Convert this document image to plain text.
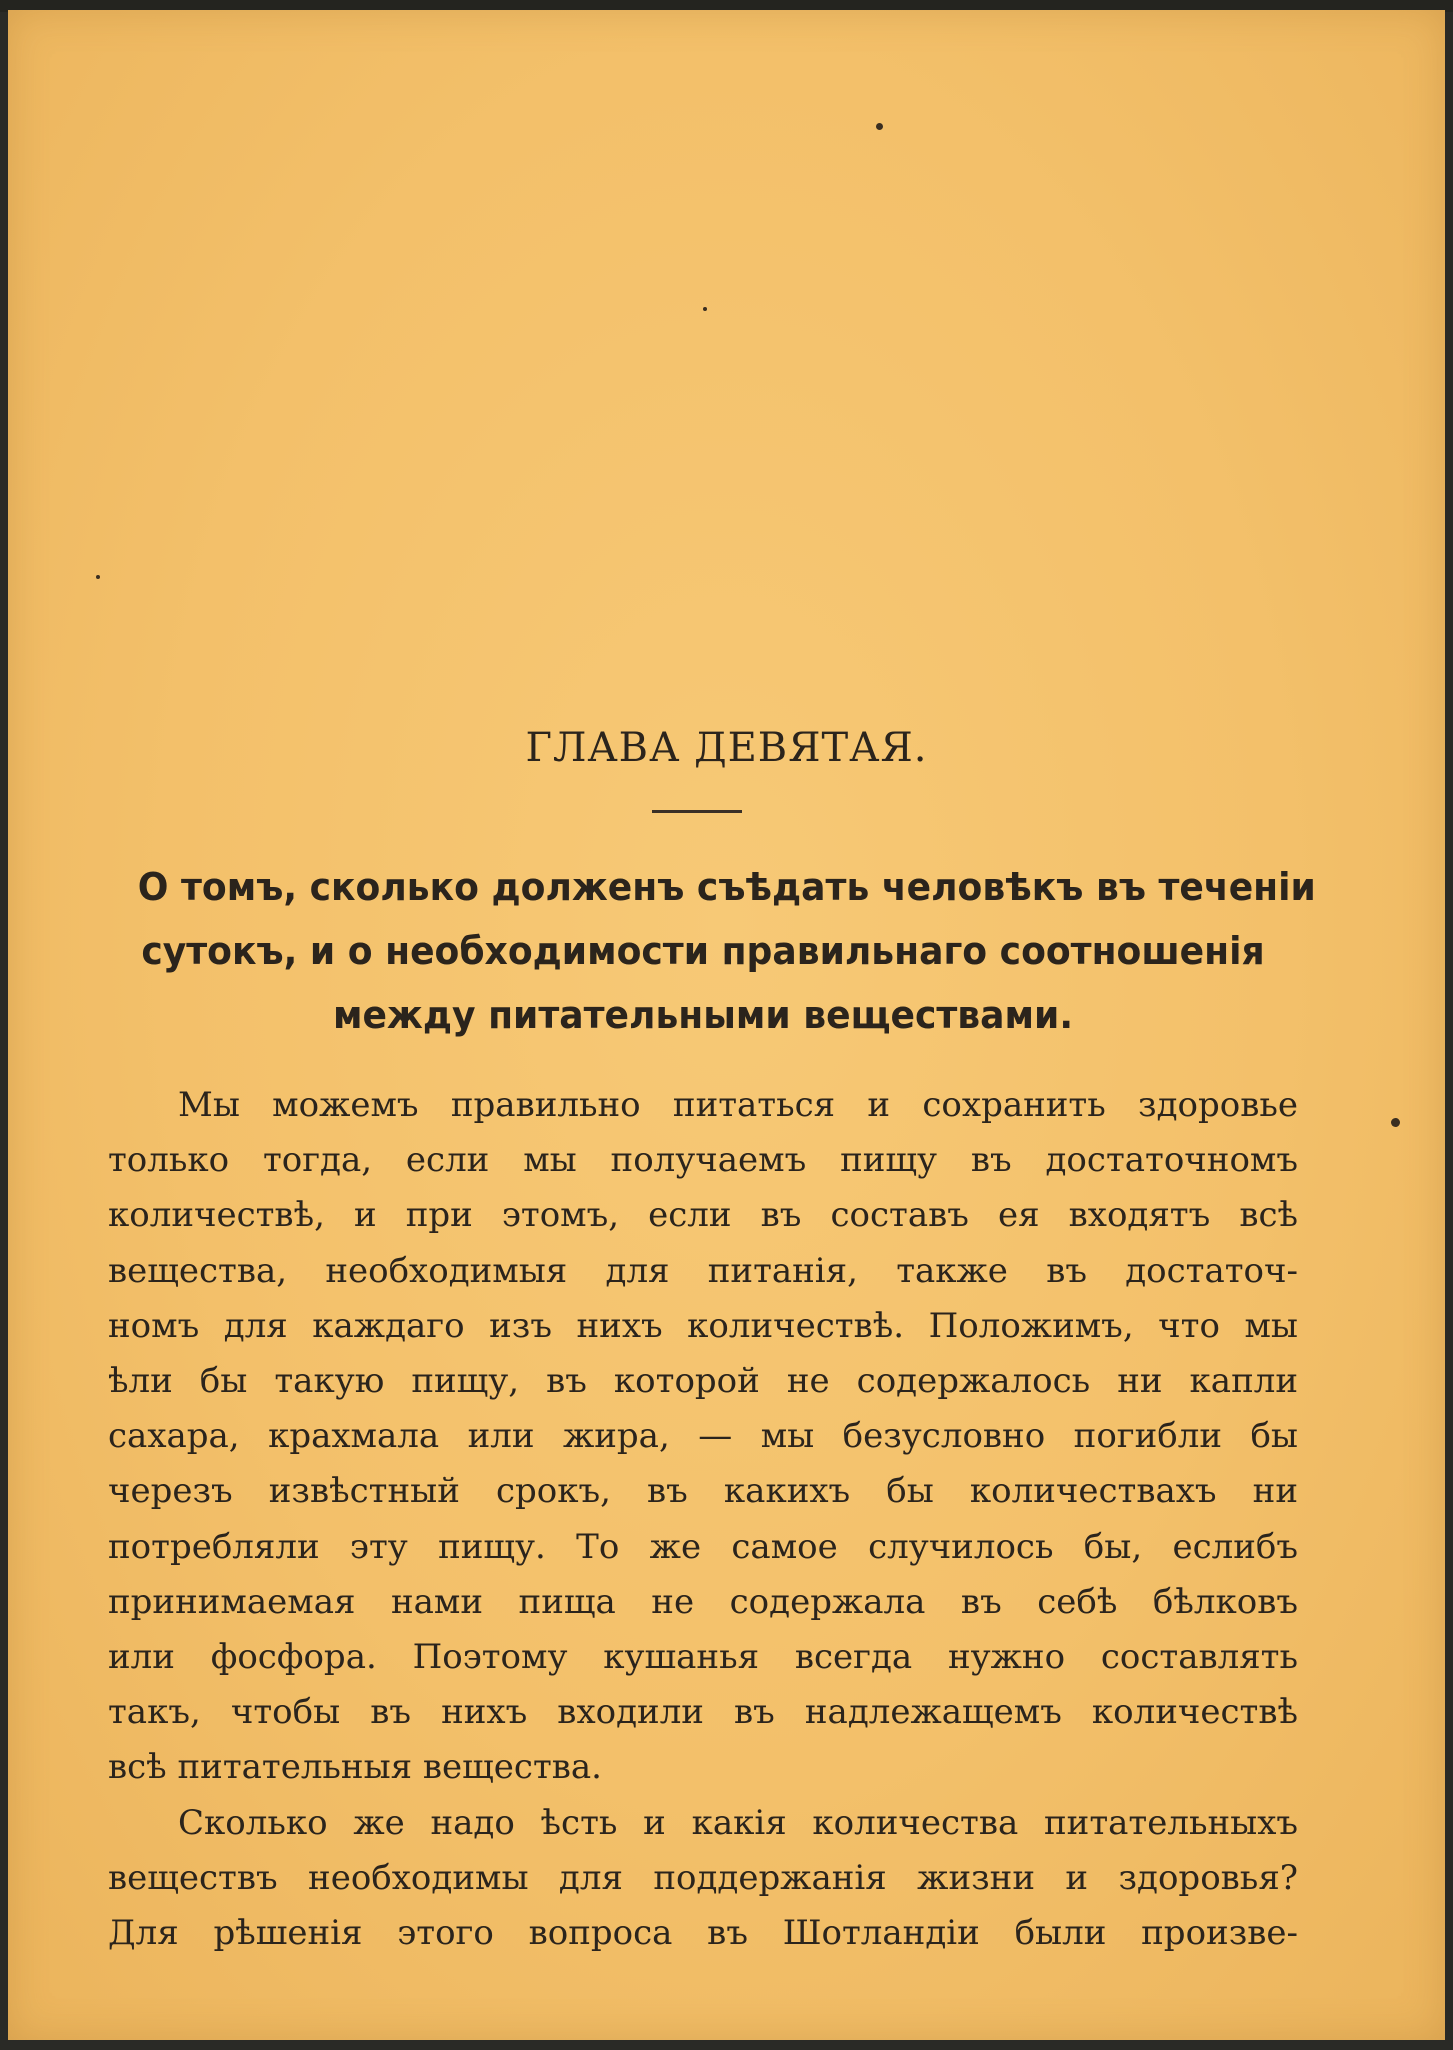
ГЛАВА ДЕВЯТАЯ.
О томъ, сколько долженъ съѣдать человѣкъ въ теченiи
сутокъ, и о необходимости правильнаго соотношенія
между питательными веществами.

Мы можемъ правильно питаться и сохранить здоровье
только тогда, если мы получаемъ пищу въ достаточномъ
количествѣ, и при этомъ, если въ составъ ея входятъ всѣ
вещества, необходимыя для питанія, также въ достаточ-
номъ для каждаго изъ нихъ количествѣ. Положимъ, что мы
ѣли бы такую пищу, въ которой не содержалось ни капли
сахара, крахмала или жира, — мы безусловно погибли бы
черезъ извѣстный срокъ, въ какихъ бы количествахъ ни
потребляли эту пищу. То же самое случилось бы, еслибъ
принимаемая нами пища не содержала въ себѣ бѣлковъ
или фосфора. Поэтому кушанья всегда нужно составлять
такъ, чтобы въ нихъ входили въ надлежащемъ количествѣ
всѣ питательныя вещества.

Сколько же надо ѣсть и какія количества питательныхъ
веществъ необходимы для поддержанія жизни и здоровья?
Для рѣшенія этого вопроса въ Шотландіи были произве-
